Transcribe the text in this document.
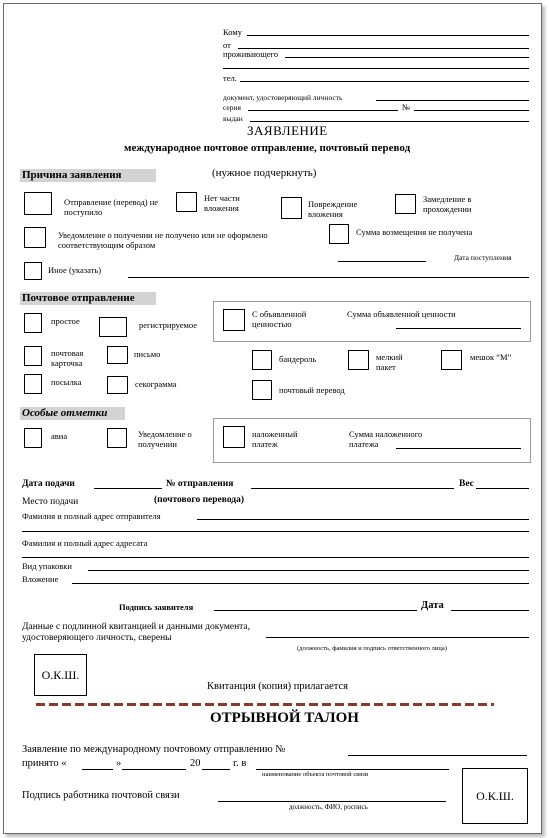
Кому
от
проживающего
тел.
документ, удостоверяющий личность
серия	№
выдан
ЗАЯВЛЕНИЕ
международное почтовое отправление, почтовый перевод
(нужное подчеркнуть)
Причина заявления
Отправление (перевод) не поступило
Нет части вложения	Повреждение вложения
Замедление в прохождении
Уведомление о получении не получено или не оформлено соответствующим образом
Сумма возмещения не получена
Дата поступления
Иное (указать)
Почтовое отправление
простое	регистрируемое
С объявленной ценностью
Сумма объявленной ценности
почтовая карточка
письмо	бандероль	мелкий пакет
мешок “М”
посылка	секограмма
почтовый перевод
Особые отметки
авиа	Уведомление о получении
наложенный платеж
Сумма наложенного платежа
Дата подачи	№ отправления	Вес
Место подачи	(почтового перевода)
Фамилия и полный адрес отправителя
Фамилия и полный адрес адресата
Вид упаковки
Вложение
Подпись заявителя	Дата
Данные с подлинной квитанцией и данными документа, удостоверяющего личность, сверены
(должность, фамилия и подпись ответственного лица)
О.К.Ш.
Квитанция (копия) прилагается
ОТРЫВНОЙ ТАЛОН
Заявление по международному почтовому отправлению №
принято «	»	20	г. в
наименование объекта почтовой связи
Подпись работника почтовой связи
должность, ФИО, роспись
О.К.Ш.
